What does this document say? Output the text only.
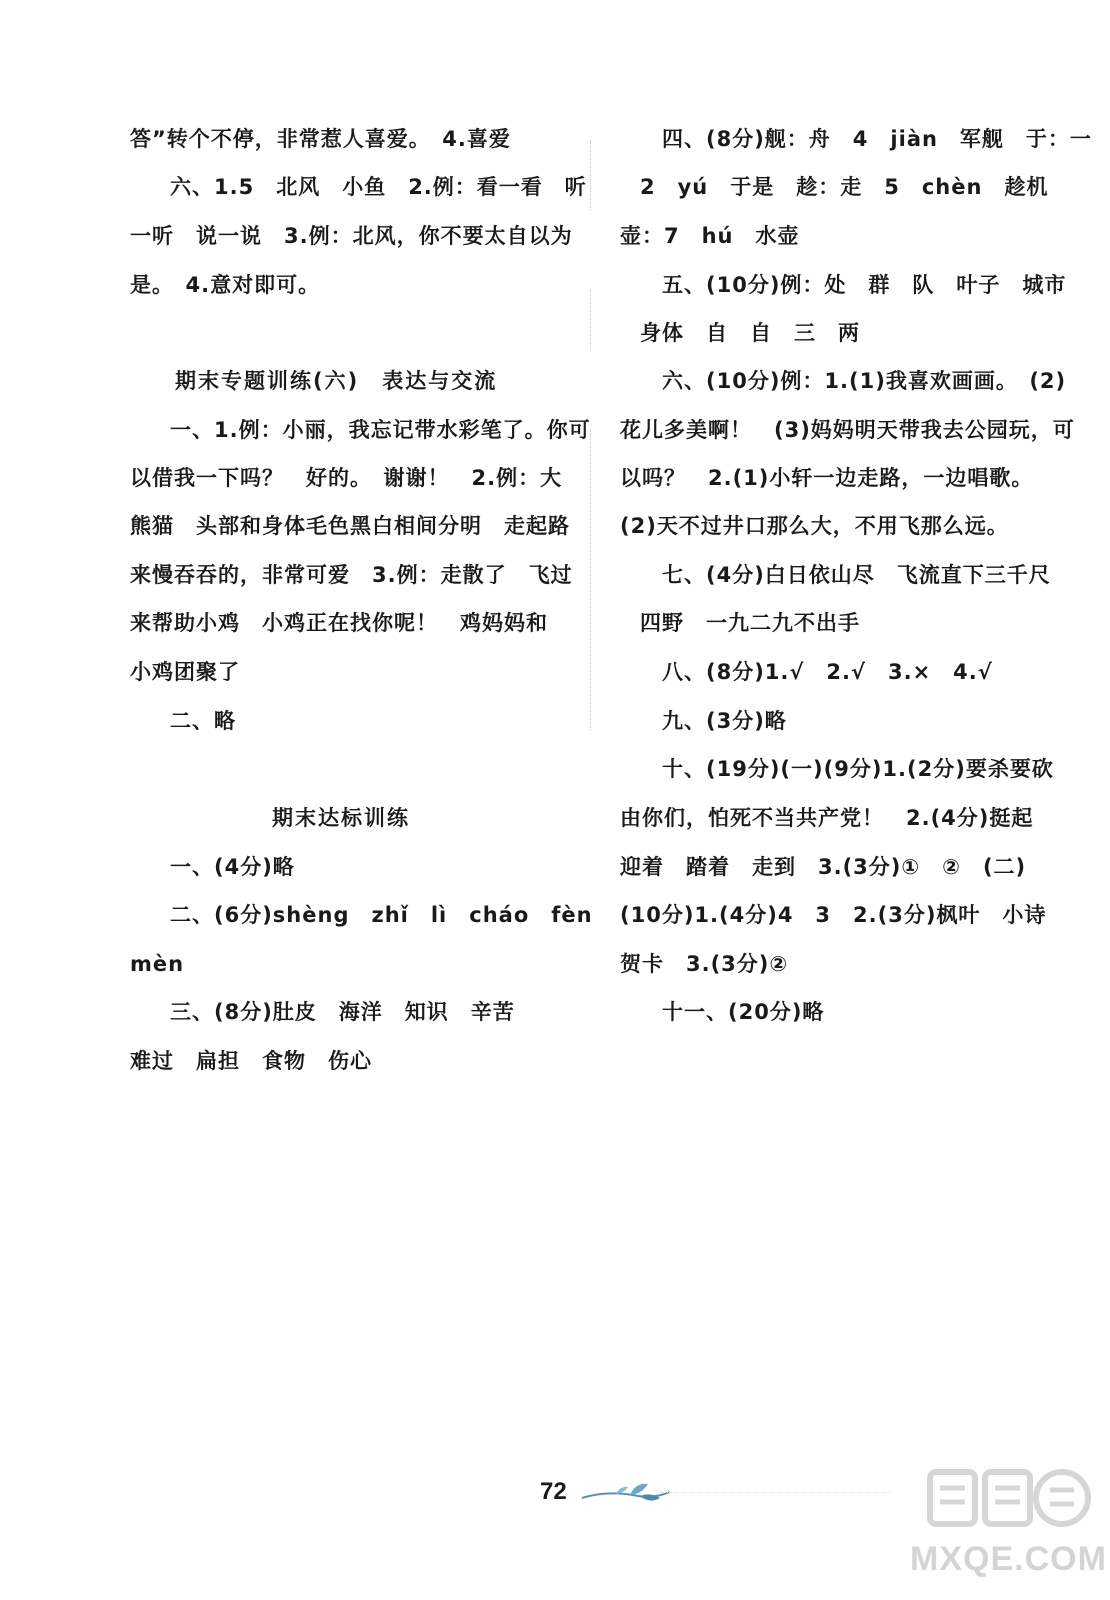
答”转个不停，非常惹人喜爱。　4.喜爱
六、1.5　北风　小鱼　2.例：看一看　听
一听　说一说　3.例：北风，你不要太自以为
是。　4.意对即可。
期末专题训练(六)　表达与交流
一、1.例：小丽，我忘记带水彩笔了。你可
以借我一下吗？　好的。　谢谢！　2.例：大
熊猫　头部和身体毛色黑白相间分明　走起路
来慢吞吞的，非常可爱　3.例：走散了　飞过
来帮助小鸡　小鸡正在找你呢！　鸡妈妈和
小鸡团聚了
二、略
期末达标训练
一、(4分)略
二、(6分)shèng　zhǐ　lì　cháo　fèn
mèn
三、(8分)肚皮　海洋　知识　辛苦
难过　扁担　食物　伤心
四、(8分)舰：舟　4　jiàn　军舰　于：一
2　yú　于是　趁：走　5　chèn　趁机
壶：7　hú　水壶
五、(10分)例：处　群　队　叶子　城市
身体　自　自　三　两
六、(10分)例：1.(1)我喜欢画画。　(2)
花儿多美啊！　(3)妈妈明天带我去公园玩，可
以吗？　2.(1)小轩一边走路，一边唱歌。
(2)天不过井口那么大，不用飞那么远。
七、(4分)白日依山尽　飞流直下三千尺
四野　一九二九不出手
八、(8分)1.√　2.√　3.×　4.√
九、(3分)略
十、(19分)(一)(9分)1.(2分)要杀要砍
由你们，怕死不当共产党！　2.(4分)挺起
迎着　踏着　走到　3.(3分)①　②　(二)
(10分)1.(4分)4　3　2.(3分)枫叶　小诗
贺卡　3.(3分)②
十一、(20分)略
72
MXQE.COM
